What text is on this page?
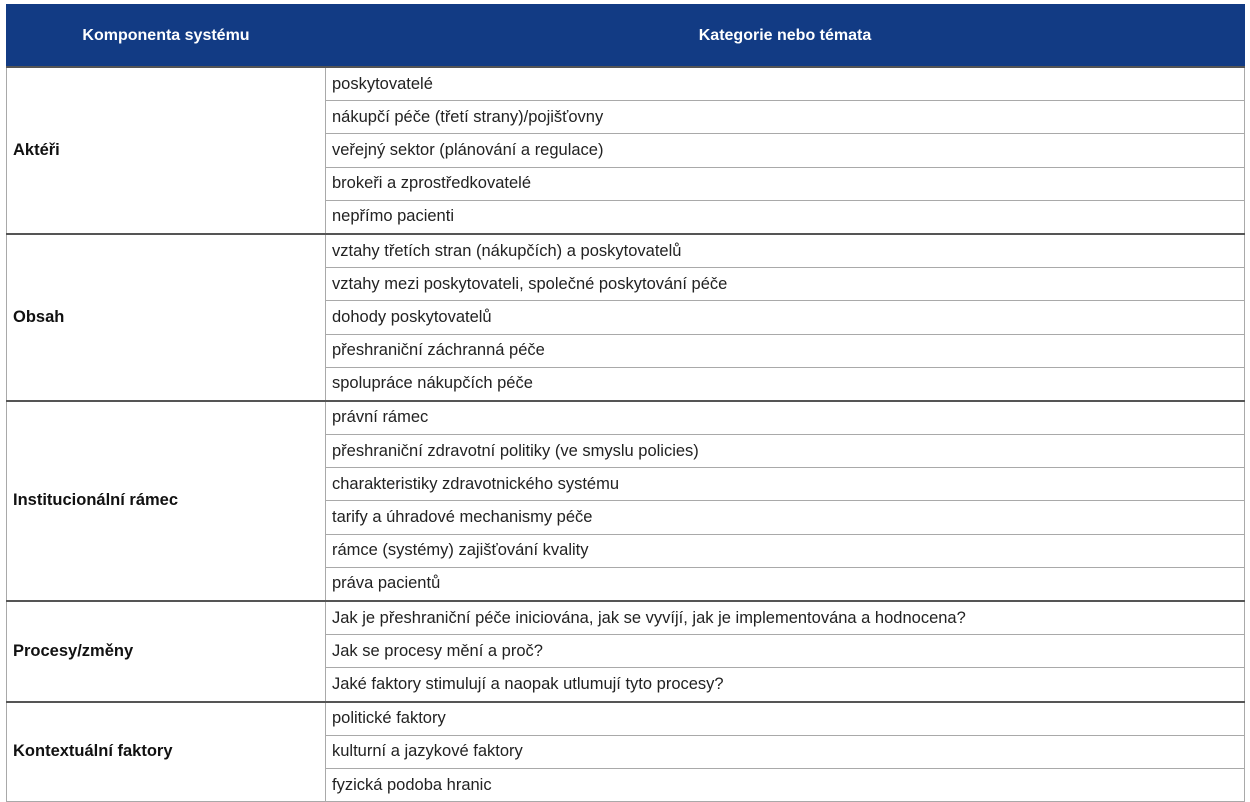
Komponenta systému	Kategorie nebo témata
Aktéři	poskytovatelé
	nákupčí péče (třetí strany)/pojišťovny
	veřejný sektor (plánování a regulace)
	brokeři a zprostředkovatelé
	nepřímo pacienti
Obsah	vztahy třetích stran (nákupčích) a poskytovatelů
	vztahy mezi poskytovateli, společné poskytování péče
	dohody poskytovatelů
	přeshraniční záchranná péče
	spolupráce nákupčích péče
Institucionální rámec	právní rámec
	přeshraniční zdravotní politiky (ve smyslu policies)
	charakteristiky zdravotnického systému
	tarify a úhradové mechanismy péče
	rámce (systémy) zajišťování kvality
	práva pacientů
Procesy/změny	Jak je přeshraniční péče iniciována, jak se vyvíjí, jak je implementována a hodnocena?
	Jak se procesy mění a proč?
	Jaké faktory stimulují a naopak utlumují tyto procesy?
Kontextuální faktory	politické faktory
	kulturní a jazykové faktory
	fyzická podoba hranic
